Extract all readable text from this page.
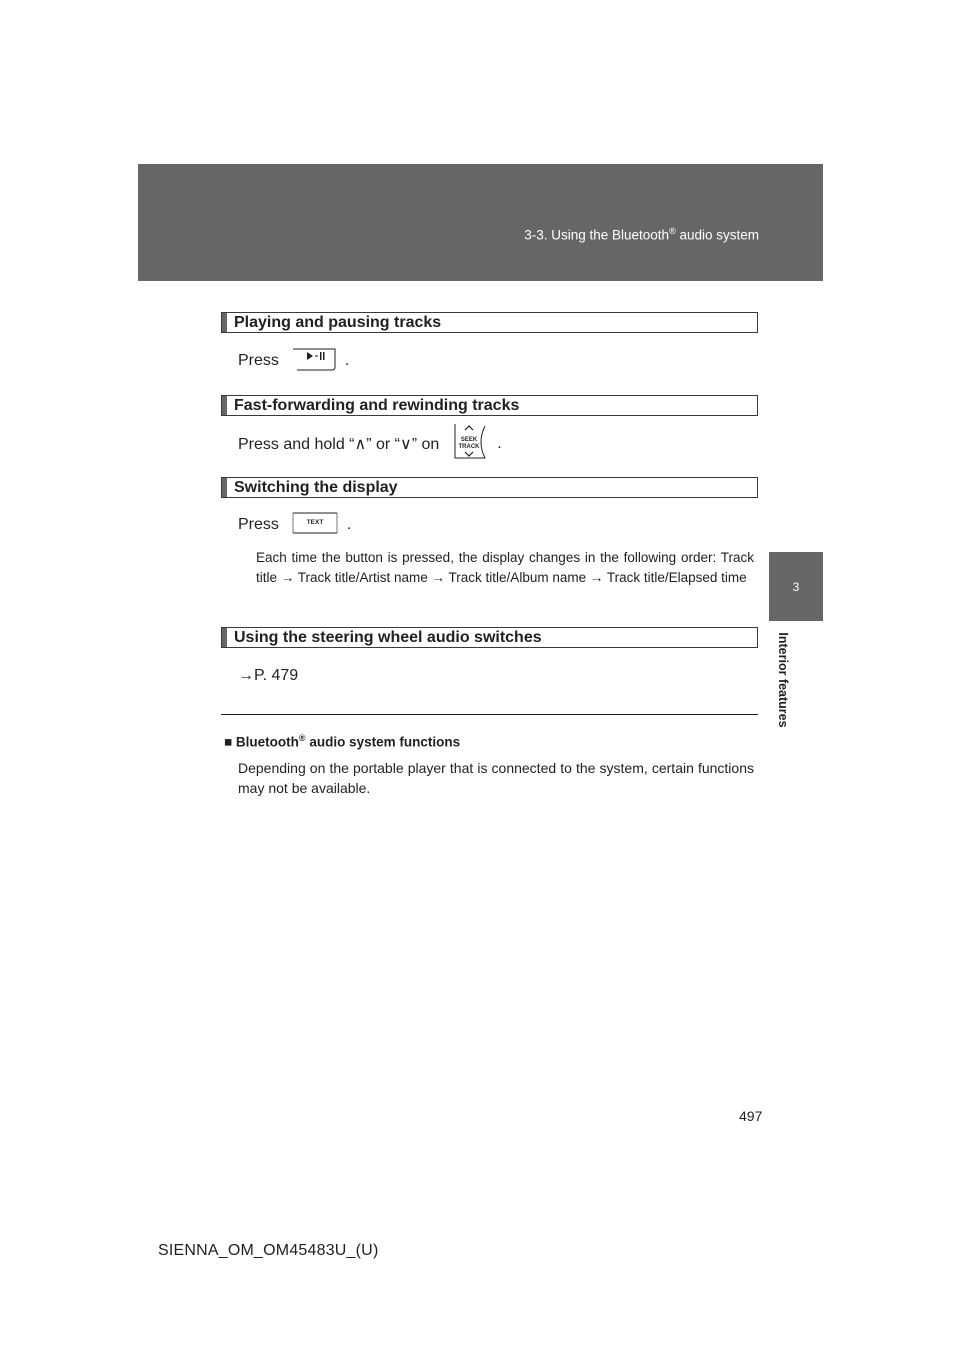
3-3. Using the Bluetooth® audio system
3
Interior features
Playing and pausing tracks
Press	.
Fast-forwarding and rewinding tracks
Press and hold “∧” or “∨” on	SEEK
TRACK .
Switching the display
Press	TEXT .
Each time the button is pressed, the display changes in the following order: Track title → Track title/Artist name → Track title/Album name → Track title/Elapsed time
Using the steering wheel audio switches
→P. 479
■ Bluetooth® audio system functions
Depending on the portable player that is connected to the system, certain functions may not be available.
497
SIENNA_OM_OM45483U_(U)
